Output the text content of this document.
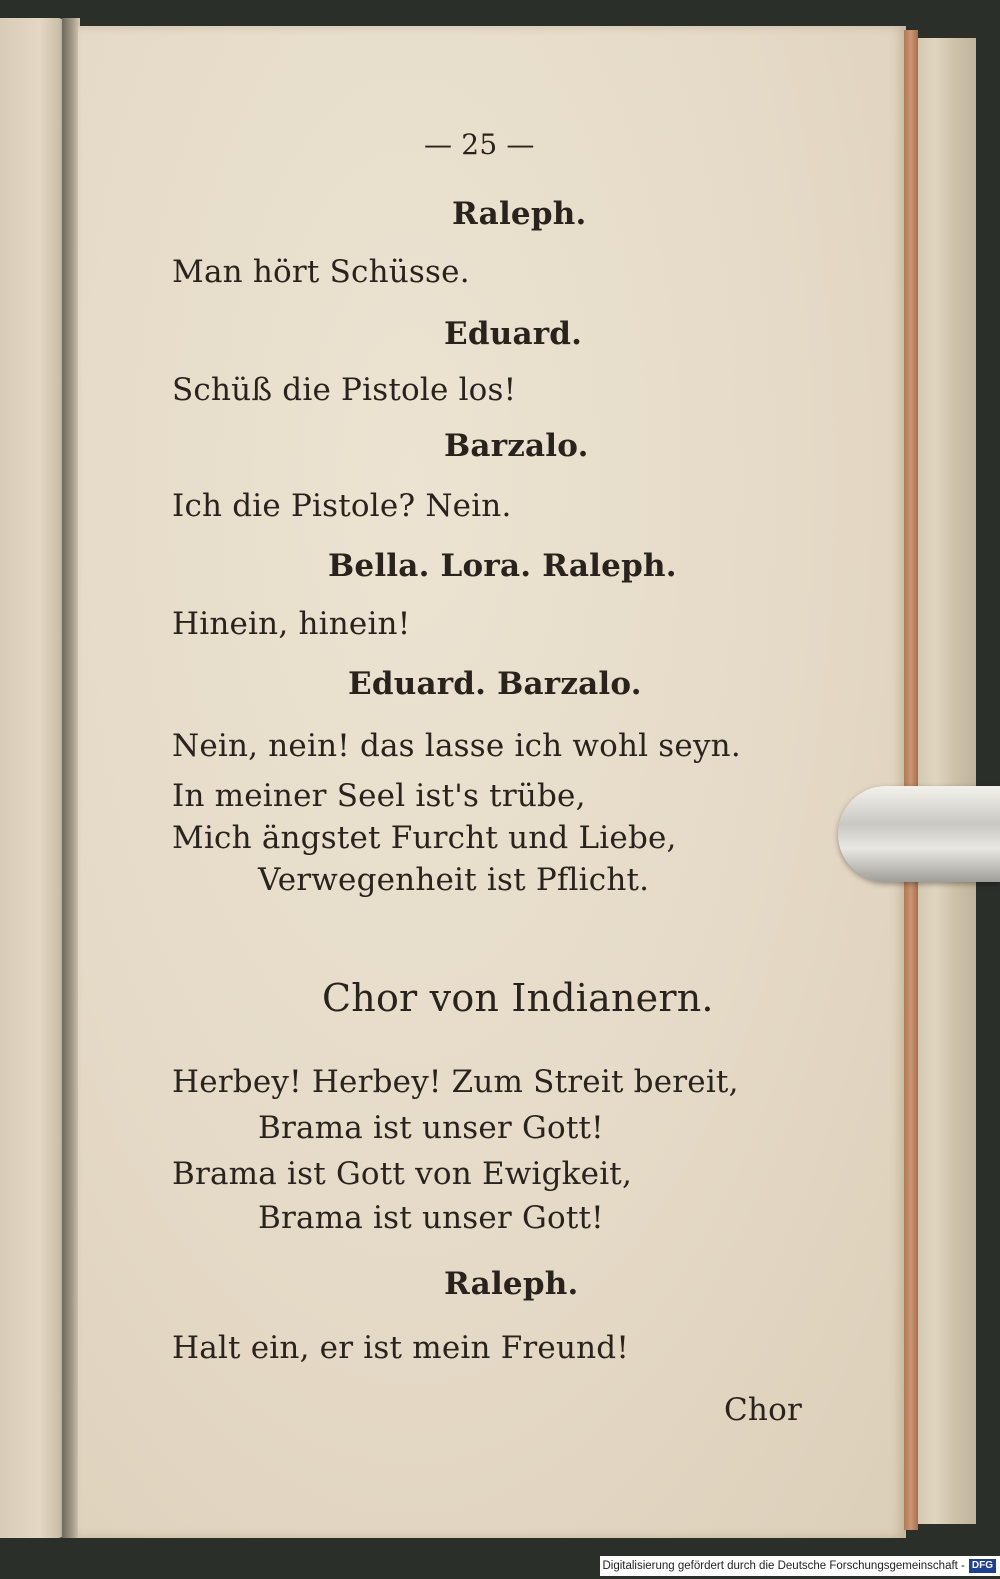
— 25 —
Raleph.
Man hört Schüsse.
Eduard.
Schüß die Pistole los!
Barzalo.
Ich die Pistole? Nein.
Bella. Lora. Raleph.
Hinein, hinein!
Eduard. Barzalo.
Nein, nein! das lasse ich wohl seyn.
In meiner Seel ist's trübe,
Mich ängstet Furcht und Liebe,
Verwegenheit ist Pflicht.
Chor von Indianern.
Herbey! Herbey! Zum Streit bereit,
Brama ist unser Gott!
Brama ist Gott von Ewigkeit,
Brama ist unser Gott!
Raleph.
Halt ein, er ist mein Freund!
Chor
Digitalisierung gefördert durch die Deutsche Forschungsgemeinschaft - DFG
